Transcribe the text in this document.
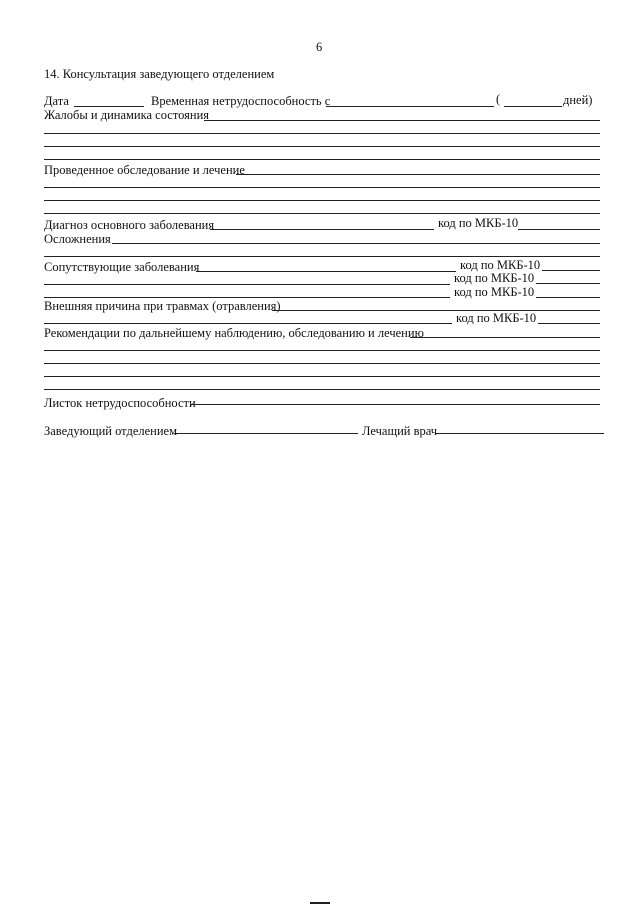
6
14. Консультация заведующего отделением
Дата	Временная нетрудоспособность с	(	дней)
Жалобы и динамика состояния
Проведенное обследование и лечение
Диагноз основного заболевания	код по МКБ-10
Осложнения
Сопутствующие заболевания	код по МКБ-10
код по МКБ-10
код по МКБ-10
Внешняя причина при травмах (отравления)
код по МКБ-10
Рекомендации по дальнейшему наблюдению, обследованию и лечению
Листок нетрудоспособности
Заведующий отделением	Лечащий врач
